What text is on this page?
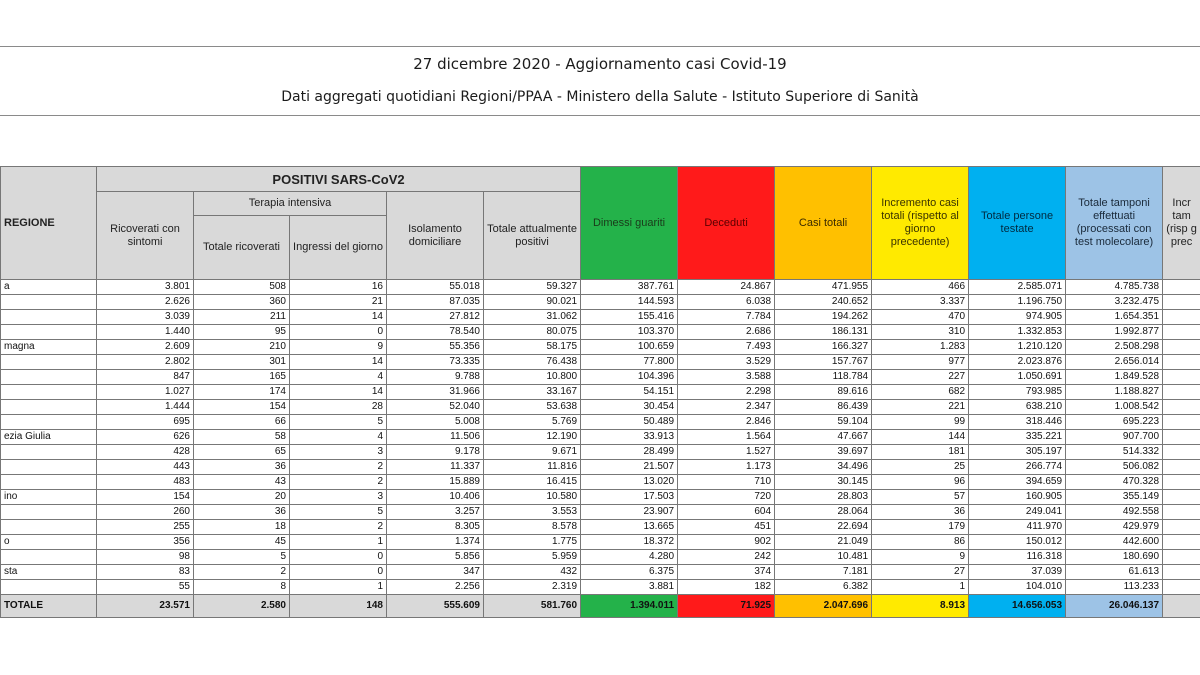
27 dicembre 2020 - Aggiornamento casi Covid-19
Dati aggregati quotidiani Regioni/PPAA - Ministero della Salute - Istituto Superiore di Sanità
REGIONE	POSITIVI SARS-CoV2					Dimessi guariti	Deceduti	Casi totali	Incremento casi totali (rispetto al giorno precedente)	Totale persone testate	Totale tamponi effettuati (processati con test molecolare)	Incr tam (risp g prec
	Ricoverati con sintomi	Terapia intensiva		Isolamento domiciliare	Totale attualmente positivi							
		Totale ricoverati	Ingressi del giorno									
a	3.801	508	16	55.018	59.327	387.761	24.867	471.955	466	2.585.071	4.785.738	
	2.626	360	21	87.035	90.021	144.593	6.038	240.652	3.337	1.196.750	3.232.475	
	3.039	211	14	27.812	31.062	155.416	7.784	194.262	470	974.905	1.654.351	
	1.440	95	0	78.540	80.075	103.370	2.686	186.131	310	1.332.853	1.992.877	
magna	2.609	210	9	55.356	58.175	100.659	7.493	166.327	1.283	1.210.120	2.508.298	
	2.802	301	14	73.335	76.438	77.800	3.529	157.767	977	2.023.876	2.656.014	
	847	165	4	9.788	10.800	104.396	3.588	118.784	227	1.050.691	1.849.528	
	1.027	174	14	31.966	33.167	54.151	2.298	89.616	682	793.985	1.188.827	
	1.444	154	28	52.040	53.638	30.454	2.347	86.439	221	638.210	1.008.542	
	695	66	5	5.008	5.769	50.489	2.846	59.104	99	318.446	695.223	
ezia Giulia	626	58	4	11.506	12.190	33.913	1.564	47.667	144	335.221	907.700	
	428	65	3	9.178	9.671	28.499	1.527	39.697	181	305.197	514.332	
	443	36	2	11.337	11.816	21.507	1.173	34.496	25	266.774	506.082	
	483	43	2	15.889	16.415	13.020	710	30.145	96	394.659	470.328	
ino	154	20	3	10.406	10.580	17.503	720	28.803	57	160.905	355.149	
	260	36	5	3.257	3.553	23.907	604	28.064	36	249.041	492.558	
	255	18	2	8.305	8.578	13.665	451	22.694	179	411.970	429.979	
o	356	45	1	1.374	1.775	18.372	902	21.049	86	150.012	442.600	
	98	5	0	5.856	5.959	4.280	242	10.481	9	116.318	180.690	
sta	83	2	0	347	432	6.375	374	7.181	27	37.039	61.613	
	55	8	1	2.256	2.319	3.881	182	6.382	1	104.010	113.233	
TOTALE	23.571	2.580	148	555.609	581.760	1.394.011	71.925	2.047.696	8.913	14.656.053	26.046.137	
